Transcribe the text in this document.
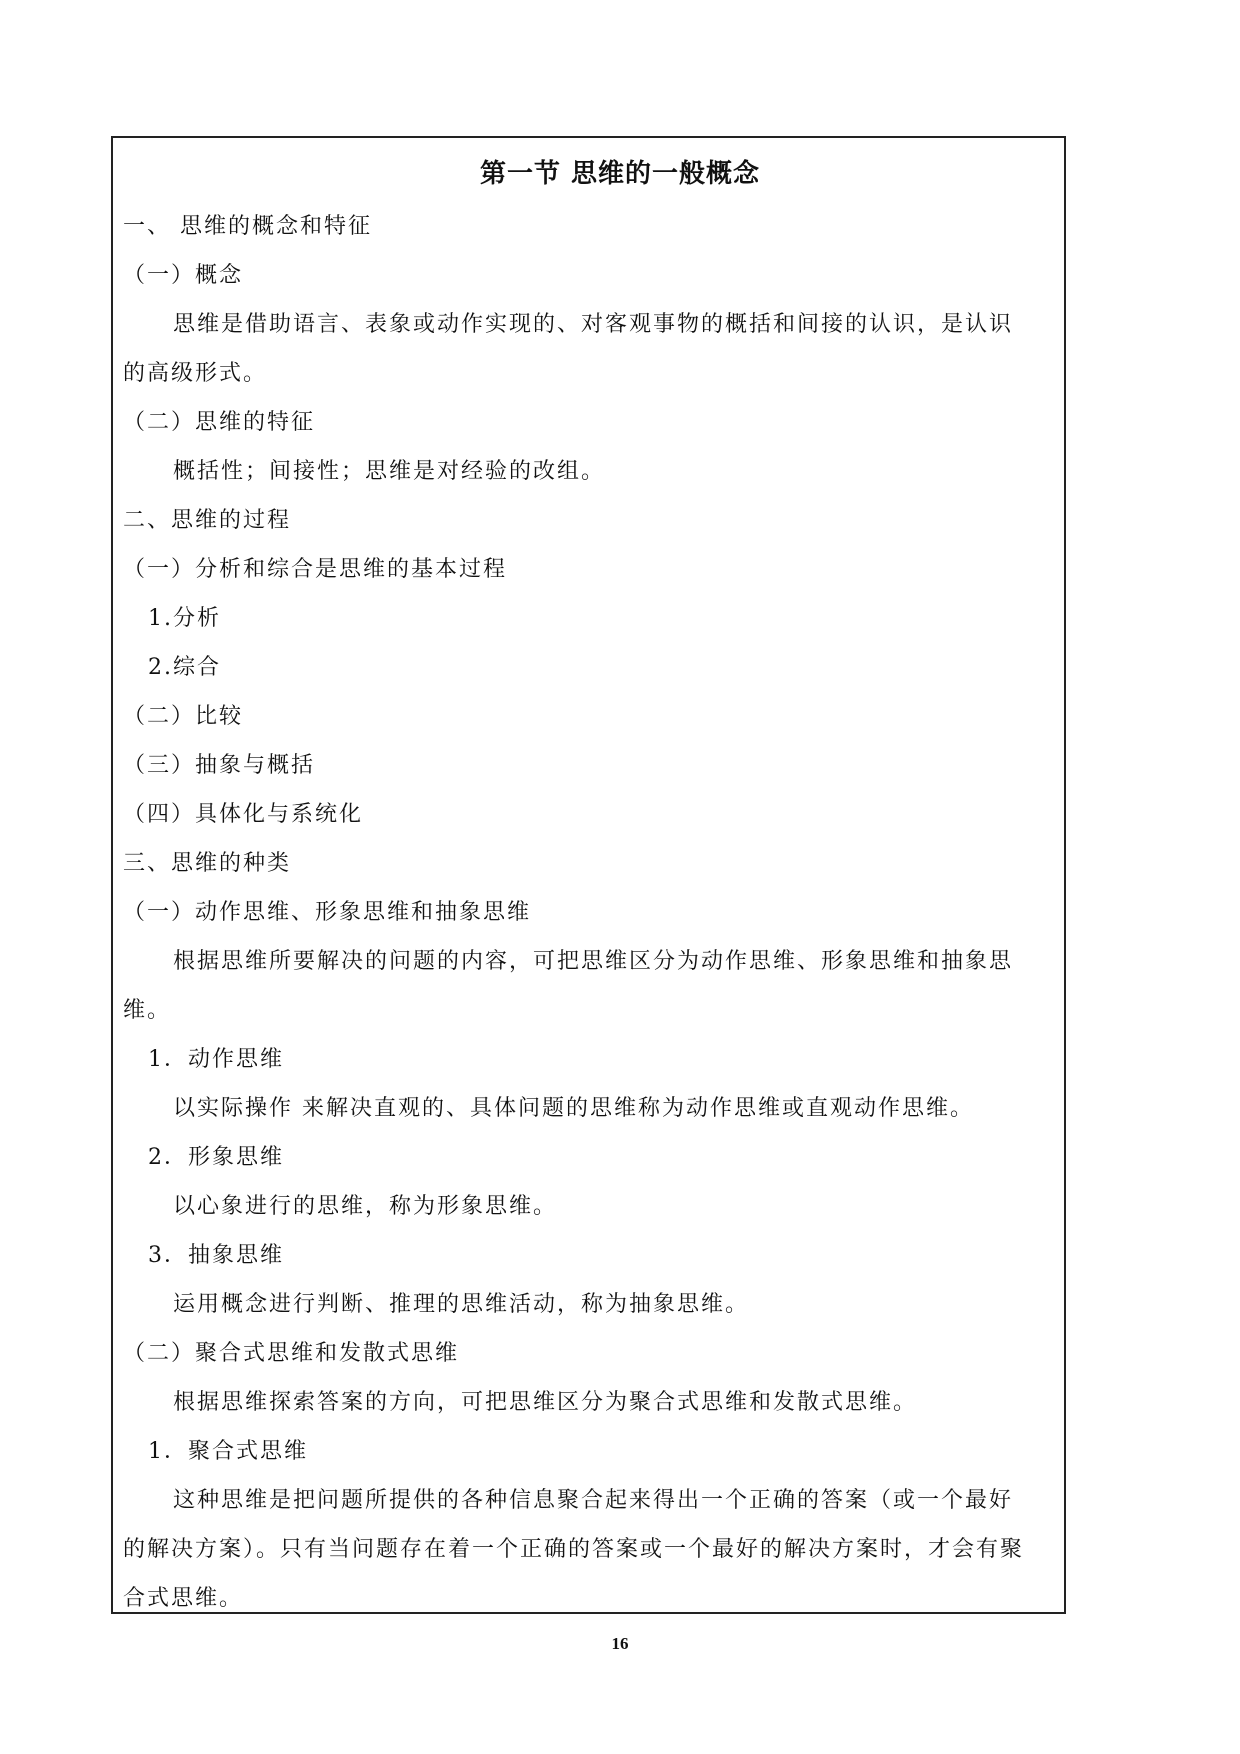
第一节 思维的一般概念
一、 思维的概念和特征
（一）概念
思维是借助语言、表象或动作实现的、对客观事物的概括和间接的认识，是认识
的高级形式。
（二）思维的特征
概括性；间接性；思维是对经验的改组。
二、思维的过程
（一）分析和综合是思维的基本过程
1.分析
2.综合
（二）比较
（三）抽象与概括
（四）具体化与系统化
三、思维的种类
（一）动作思维、形象思维和抽象思维
根据思维所要解决的问题的内容，可把思维区分为动作思维、形象思维和抽象思
维。
1．动作思维
以实际操作 来解决直观的、具体问题的思维称为动作思维或直观动作思维。
2．形象思维
以心象进行的思维，称为形象思维。
3．抽象思维
运用概念进行判断、推理的思维活动，称为抽象思维。
（二）聚合式思维和发散式思维
根据思维探索答案的方向，可把思维区分为聚合式思维和发散式思维。
1．聚合式思维
这种思维是把问题所提供的各种信息聚合起来得出一个正确的答案（或一个最好
的解决方案）。只有当问题存在着一个正确的答案或一个最好的解决方案时，才会有聚
合式思维。
16
